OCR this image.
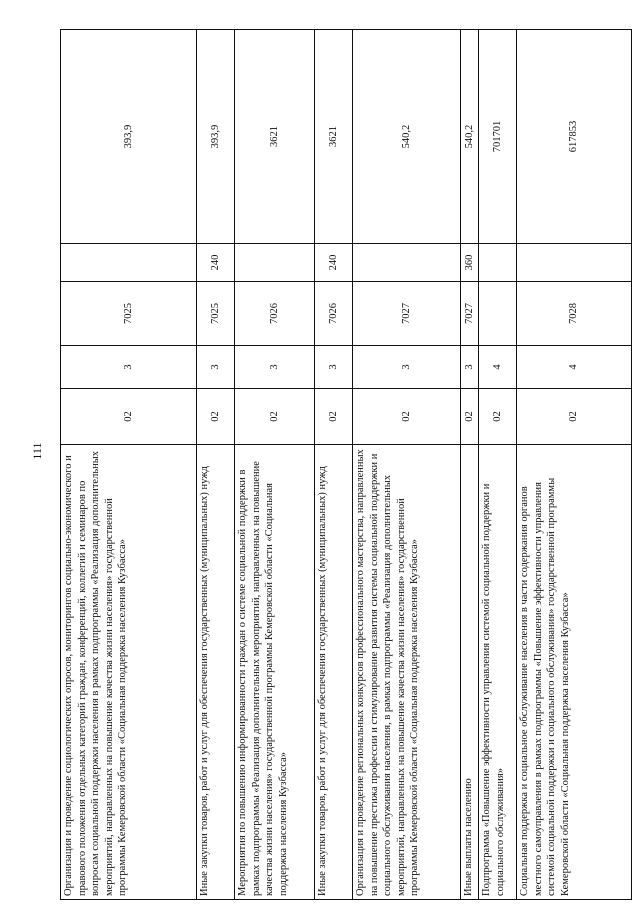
111
Организация и проведение социологических опросов, мониторингов социально-экономического и правового положения отдельных категорий граждан, конференций, коллегий и семинаров по вопросам социальной поддержки населения в рамках подпрограммы «Реализация дополнительных мероприятий, направленных на повышение качества жизни населения» государственной программы Кемеровской области «Социальная поддержка населения Кузбасса»
02
3
7025
393,9
Иные закупки товаров, работ и услуг для обеспечения государственных (муниципальных) нужд
02
3
7025
240
393,9
Мероприятия по повышению информированности граждан о системе социальной поддержки в рамках подпрограммы «Реализация дополнительных мероприятий, направленных на повышение качества жизни населения» государственной программы Кемеровской области «Социальная поддержка населения Кузбасса»
02
3
7026
3621
Иные закупки товаров, работ и услуг для обеспечения государственных (муниципальных) нужд
02
3
7026
240
3621
Организация и проведение региональных конкурсов профессионального мастерства, направленных на повышение престижа профессии и стимулирование развития системы социальной поддержки и социального обслуживания населения, в рамках подпрограммы «Реализация дополнительных мероприятий, направленных на повышение качества жизни населения» государственной программы Кемеровской области «Социальная поддержка населения Кузбасса»
02
3
7027
540,2
Иные выплаты населению
02
3
7027
360
540,2
Подпрограмма «Повышение эффективности управления системой социальной поддержки и социального обслуживания»
02
4
701701
Социальная поддержка и социальное обслуживание населения в части содержания органов местного самоуправления в рамках подпрограммы «Повышение эффективности управления системой социальной поддержки и социального обслуживания» государственной программы Кемеровской области «Социальная поддержка населения Кузбасса»
02
4
7028
617853
